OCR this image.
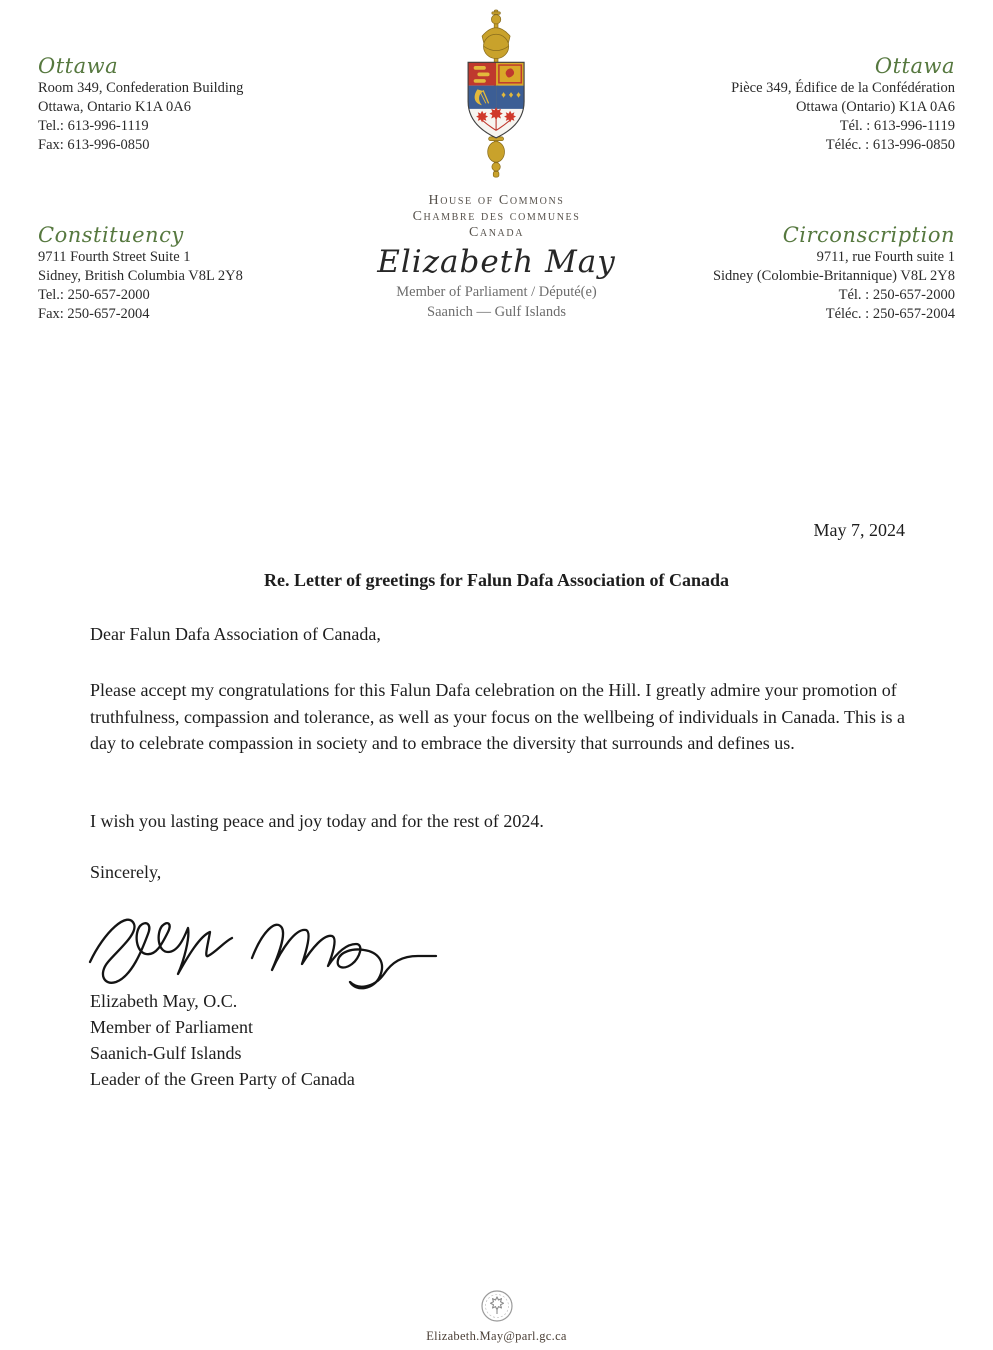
House of Commons
Chambre des communes
Canada
Ottawa
Room 349, Confederation Building
Ottawa, Ontario K1A 0A6
Tel.: 613-996-1119
Fax: 613-996-0850
Ottawa
Pièce 349, Édifice de la Confédération
Ottawa (Ontario) K1A 0A6
Tél. : 613-996-1119
Téléc. : 613-996-0850
Constituency
9711 Fourth Street Suite 1
Sidney, British Columbia V8L 2Y8
Tel.: 250-657-2000
Fax: 250-657-2004
Circonscription
9711, rue Fourth suite 1
Sidney (Colombie-Britannique) V8L 2Y8
Tél. : 250-657-2000
Téléc. : 250-657-2004
Elizabeth May
Member of Parliament / Député(e)
Saanich — Gulf Islands
May 7, 2024
Re. Letter of greetings for Falun Dafa Association of Canada
Dear Falun Dafa Association of Canada,

Please accept my congratulations for this Falun Dafa celebration on the Hill. I greatly admire your promotion of truthfulness, compassion and tolerance, as well as your focus on the wellbeing of individuals in Canada. This is a day to celebrate compassion in society and to embrace the diversity that surrounds and defines us.

I wish you lasting peace and joy today and for the rest of 2024.

Sincerely,
Elizabeth May, O.C.
Member of Parliament
Saanich-Gulf Islands
Leader of the Green Party of Canada
Elizabeth.May@parl.gc.ca
